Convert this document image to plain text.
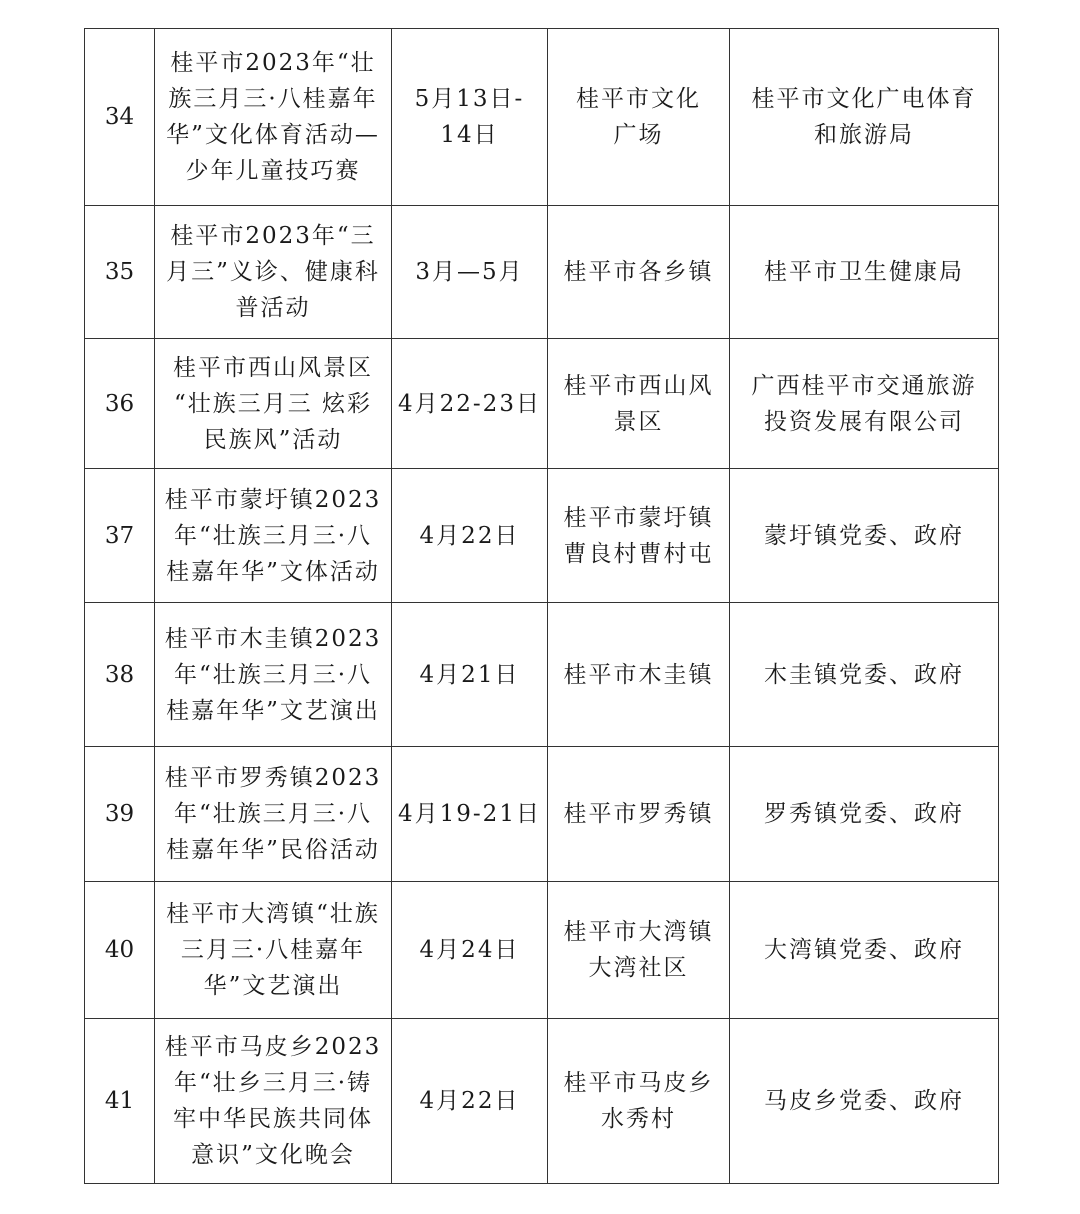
34	桂平市2023年“壮
族三月三·八桂嘉年
华”文化体育活动—
少年儿童技巧赛	5月13日-
14日	桂平市文化
广场	桂平市文化广电体育
和旅游局

35	桂平市2023年“三
月三”义诊、健康科
普活动	3月—5月	桂平市各乡镇	桂平市卫生健康局

36	桂平市西山风景区
“壮族三月三 炫彩
民族风”活动	4月22-23日	桂平市西山风
景区	广西桂平市交通旅游
投资发展有限公司

37	桂平市蒙圩镇2023
年“壮族三月三·八
桂嘉年华”文体活动	4月22日	桂平市蒙圩镇
曹良村曹村屯	蒙圩镇党委、政府

38	桂平市木圭镇2023
年“壮族三月三·八
桂嘉年华”文艺演出	4月21日	桂平市木圭镇	木圭镇党委、政府

39	桂平市罗秀镇2023
年“壮族三月三·八
桂嘉年华”民俗活动	4月19-21日	桂平市罗秀镇	罗秀镇党委、政府

40	桂平市大湾镇“壮族
三月三·八桂嘉年
华”文艺演出	4月24日	桂平市大湾镇
大湾社区	大湾镇党委、政府

41	桂平市马皮乡2023
年“壮乡三月三·铸
牢中华民族共同体
意识”文化晚会	4月22日	桂平市马皮乡
水秀村	马皮乡党委、政府
